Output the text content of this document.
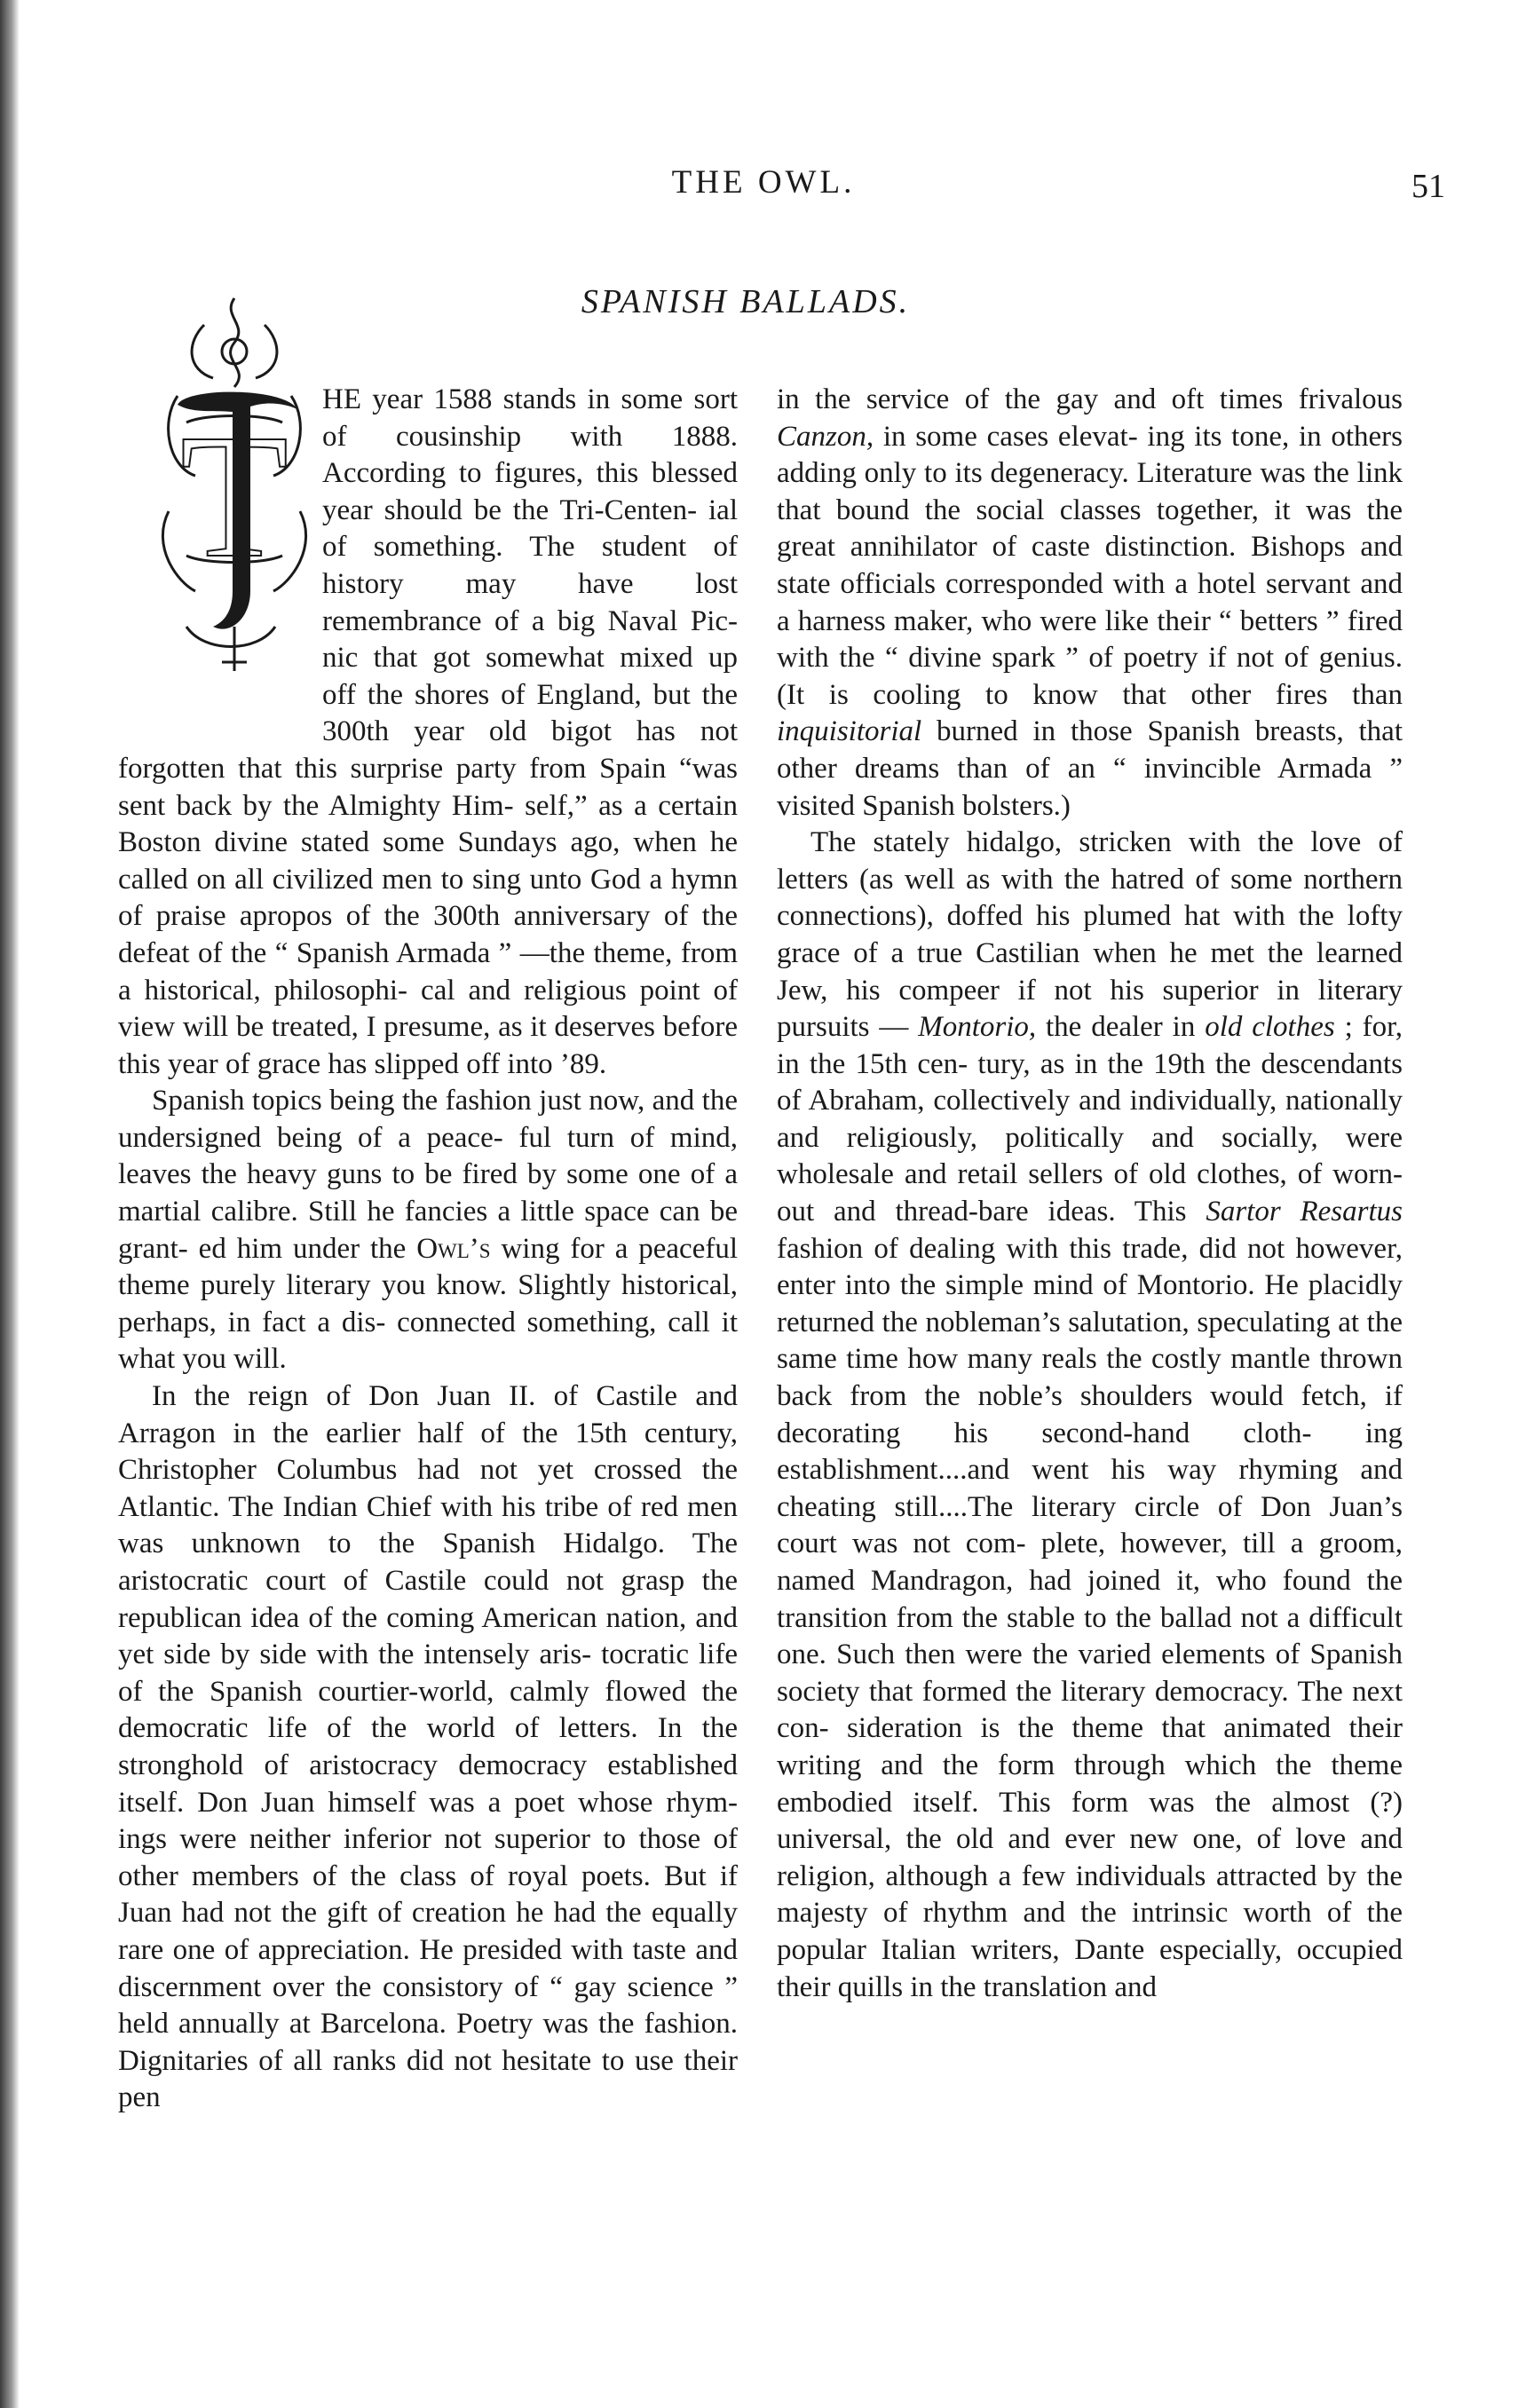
THE OWL.	51
SPANISH BALLADS.
T	HE year 1588 stands in some sort of cousinship with 1888. According to figures, this blessed year should be the Tri-Centen- ial of something. The student of history may have lost remembrance of a big Naval Pic-nic that got somewhat mixed up off the shores of England, but the 300th year old bigot has not forgotten that this surprise party from Spain “was sent back by the Almighty Him- self,” as a certain Boston divine stated some Sundays ago, when he called on all civilized men to sing unto God a hymn of praise apropos of the 300th anniversary of the defeat of the “ Spanish Armada ” —the theme, from a historical, philosophi- cal and religious point of view will be treated, I presume, as it deserves before this year of grace has slipped off into ’89.

Spanish topics being the fashion just now, and the undersigned being of a peace- ful turn of mind, leaves the heavy guns to be fired by some one of a martial calibre. Still he fancies a little space can be grant- ed him under the Owl’s wing for a peaceful theme purely literary you know. Slightly historical, perhaps, in fact a dis- connected something, call it what you will.

In the reign of Don Juan II. of Castile and Arragon in the earlier half of the 15th century, Christopher Columbus had not yet crossed the Atlantic. The Indian Chief with his tribe of red men was unknown to the Spanish Hidalgo. The aristocratic court of Castile could not grasp the republican idea of the coming American nation, and yet side by side with the intensely aris- tocratic life of the Spanish courtier-world, calmly flowed the democratic life of the world of letters. In the stronghold of aristocracy democracy established itself. Don Juan himself was a poet whose rhym- ings were neither inferior not superior to those of other members of the class of royal poets. But if Juan had not the gift of creation he had the equally rare one of appreciation. He presided with taste and discernment over the consistory of “ gay science ” held annually at Barcelona. Poetry was the fashion. Dignitaries of all ranks did not hesitate to use their pen

in the service of the gay and oft times frivalous Canzon, in some cases elevat- ing its tone, in others adding only to its degeneracy. Literature was the link that bound the social classes together, it was the great annihilator of caste distinction. Bishops and state officials corresponded with a hotel servant and a harness maker, who were like their “ betters ” fired with the “ divine spark ” of poetry if not of genius. (It is cooling to know that other fires than inquisitorial burned in those Spanish breasts, that other dreams than of an “ invincible Armada ” visited Spanish bolsters.)

The stately hidalgo, stricken with the love of letters (as well as with the hatred of some northern connections), doffed his plumed hat with the lofty grace of a true Castilian when he met the learned Jew, his compeer if not his superior in literary pursuits — Montorio, the dealer in old clothes ; for, in the 15th cen- tury, as in the 19th the descendants of Abraham, collectively and individually, nationally and religiously, politically and socially, were wholesale and retail sellers of old clothes, of worn-out and thread-bare ideas. This Sartor Resartus fashion of dealing with this trade, did not however, enter into the simple mind of Montorio. He placidly returned the nobleman’s salutation, speculating at the same time how many reals the costly mantle thrown back from the noble’s shoulders would fetch, if decorating his second-hand cloth- ing establishment....and went his way rhyming and cheating still....The literary circle of Don Juan’s court was not com- plete, however, till a groom, named Mandragon, had joined it, who found the transition from the stable to the ballad not a difficult one. Such then were the varied elements of Spanish society that formed the literary democracy. The next con- sideration is the theme that animated their writing and the form through which the theme embodied itself. This form was the almost (?) universal, the old and ever new one, of love and religion, although a few individuals attracted by the majesty of rhythm and the intrinsic worth of the popular Italian writers, Dante especially, occupied their quills in the translation and
